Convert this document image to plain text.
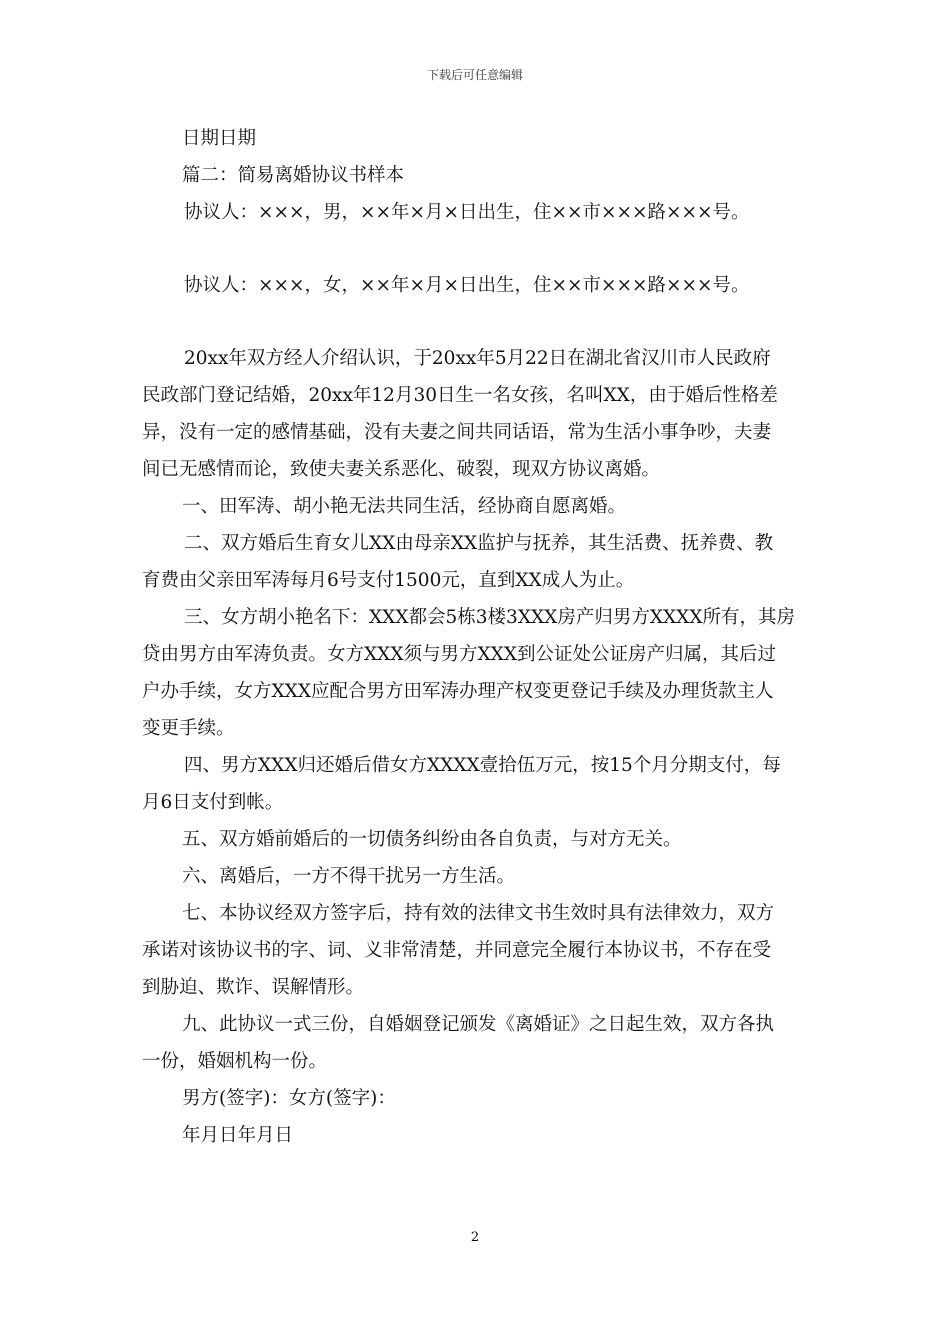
下载后可任意编辑
日期日期
篇二：简易离婚协议书样本
协议人：×××，男，××年×月×日出生，住××市×××路×××号。
协议人：×××，女，××年×月×日出生，住××市×××路×××号。
20xx年双方经人介绍认识，于20xx年5月22日在湖北省汉川市人民政府
民政部门登记结婚，20xx年12月30日生一名女孩，名叫XX，由于婚后性格差
异，没有一定的感情基础，没有夫妻之间共同话语，常为生活小事争吵，夫妻
间已无感情而论，致使夫妻关系恶化、破裂，现双方协议离婚。
一、田军涛、胡小艳无法共同生活，经协商自愿离婚。
二、双方婚后生育女儿XX由母亲XX监护与抚养，其生活费、抚养费、教
育费由父亲田军涛每月6号支付1500元，直到XX成人为止。
三、女方胡小艳名下：XXX都会5栋3楼3XXX房产归男方XXXX所有，其房
贷由男方由军涛负责。女方XXX须与男方XXX到公证处公证房产归属，其后过
户办手续，女方XXX应配合男方田军涛办理产权变更登记手续及办理货款主人
变更手续。
四、男方XXX归还婚后借女方XXXX壹拾伍万元，按15个月分期支付，每
月6日支付到帐。
五、双方婚前婚后的一切债务纠纷由各自负责，与对方无关。
六、离婚后，一方不得干扰另一方生活。
七、本协议经双方签字后，持有效的法律文书生效时具有法律效力，双方
承诺对该协议书的字、词、义非常清楚，并同意完全履行本协议书，不存在受
到胁迫、欺诈、误解情形。
九、此协议一式三份，自婚姻登记颁发《离婚证》之日起生效，双方各执
一份，婚姻机构一份。
男方(签字)：女方(签字)：
年月日年月日
2
